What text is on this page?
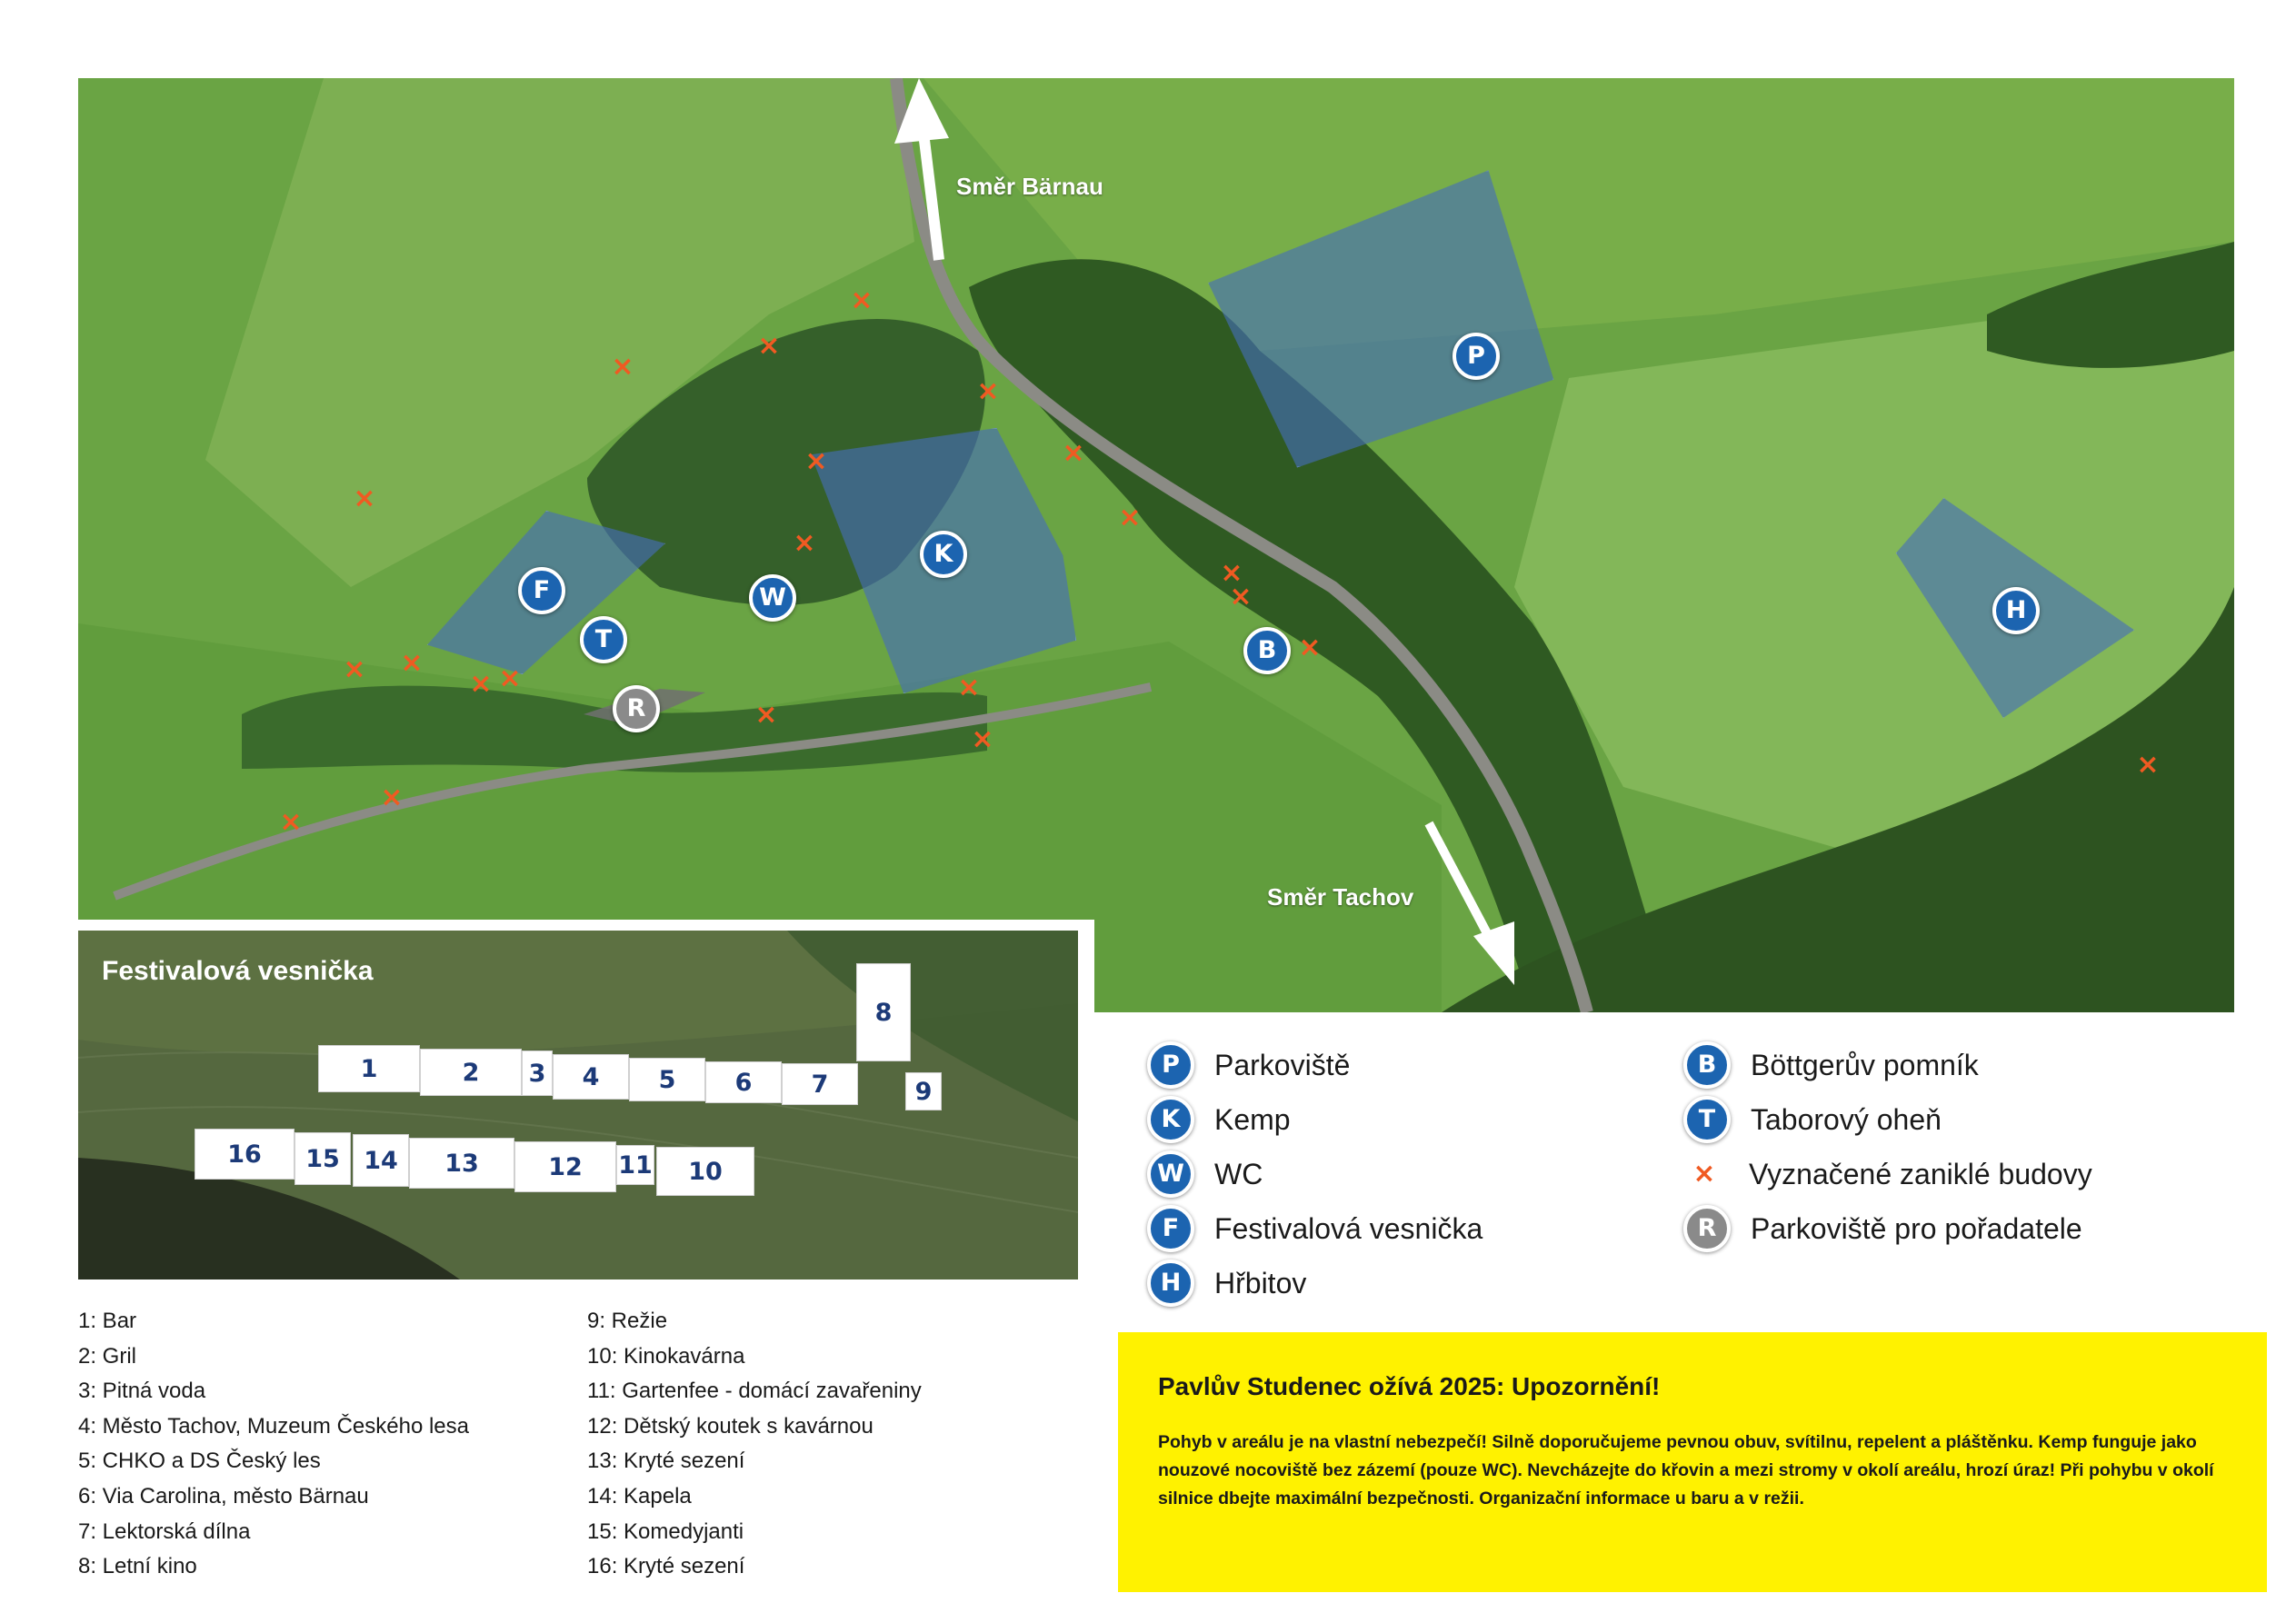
Směr Bärnau
Směr Tachov
P
K
W
F
T
R
B
H
×
×
×
×
×	×
×
×
×
×
×
×
× ×
× ×	×
×
×
×
×
×
Festivalová vesnička
1	2	3	4	5	6	7
8
9
10
11
12
13
14
15
16
1: Bar
2: Gril
3: Pitná voda
4: Město Tachov, Muzeum Českého lesa
5: CHKO a DS Český les
6: Via Carolina, město Bärnau
7: Lektorská dílna
8: Letní kino
9: Režie
10: Kinokavárna
11: Gartenfee - domácí zavařeniny
12: Dětský koutek s kavárnou
13: Kryté sezení
14: Kapela
15: Komedyjanti
16: Kryté sezení
P	Parkoviště
K	Kemp
W	WC
F	Festivalová vesnička
H	Hřbitov
B	Böttgerův pomník
T	Taborový oheň
× Vyznačené zaniklé budovy
R	Parkoviště pro pořadatele
Pavlův Studenec ožívá 2025: Upozornění!
Pohyb v areálu je na vlastní nebezpečí! Silně doporučujeme pevnou obuv, svítilnu, repelent a pláštěnku. Kemp funguje jako nouzové nocoviště bez zázemí (pouze WC). Nevcházejte do křovin a mezi stromy v okolí areálu, hrozí úraz! Při pohybu v okolí silnice dbejte maximální bezpečnosti. Organizační informace u baru a v režii.
